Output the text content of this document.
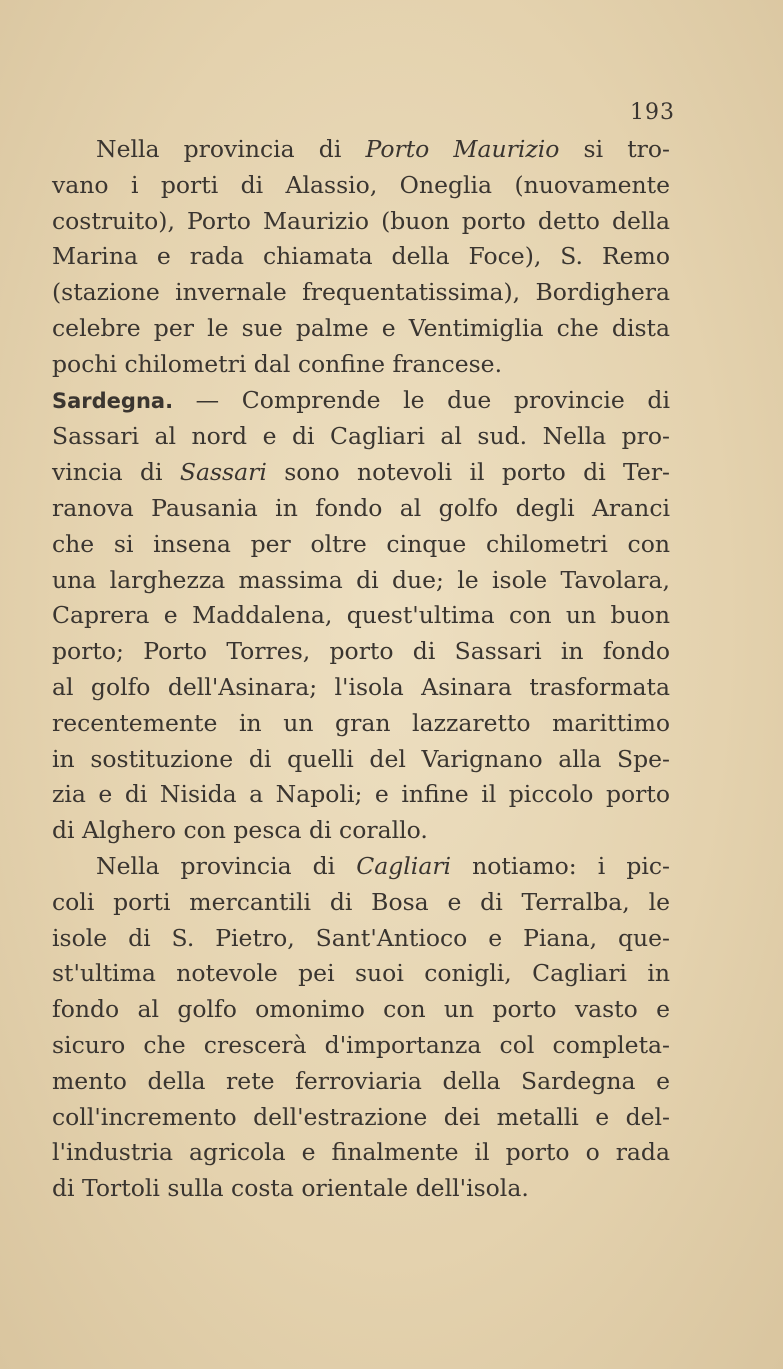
193

Nella provincia di Porto Maurizio si tro-
vano i porti di Alassio, Oneglia (nuovamente
costruito), Porto Maurizio (buon porto detto della
Marina e rada chiamata della Foce), S. Remo
(stazione invernale frequentatissima), Bordighera
celebre per le sue palme e Ventimiglia che dista
pochi chilometri dal confine francese.

Sardegna. — Comprende le due provincie di
Sassari al nord e di Cagliari al sud. Nella pro-
vincia di Sassari sono notevoli il porto di Ter-
ranova Pausania in fondo al golfo degli Aranci
che si insena per oltre cinque chilometri con
una larghezza massima di due; le isole Tavolara,
Caprera e Maddalena, quest'ultima con un buon
porto; Porto Torres, porto di Sassari in fondo
al golfo dell'Asinara; l'isola Asinara trasformata
recentemente in un gran lazzaretto marittimo
in sostituzione di quelli del Varignano alla Spe-
zia e di Nisida a Napoli; e infine il piccolo porto
di Alghero con pesca di corallo.

Nella provincia di Cagliari notiamo: i pic-
coli porti mercantili di Bosa e di Terralba, le
isole di S. Pietro, Sant'Antioco e Piana, que-
st'ultima notevole pei suoi conigli, Cagliari in
fondo al golfo omonimo con un porto vasto e
sicuro che crescerà d'importanza col completa-
mento della rete ferroviaria della Sardegna e
coll'incremento dell'estrazione dei metalli e del-
l'industria agricola e finalmente il porto o rada
di Tortoli sulla costa orientale dell'isola.
